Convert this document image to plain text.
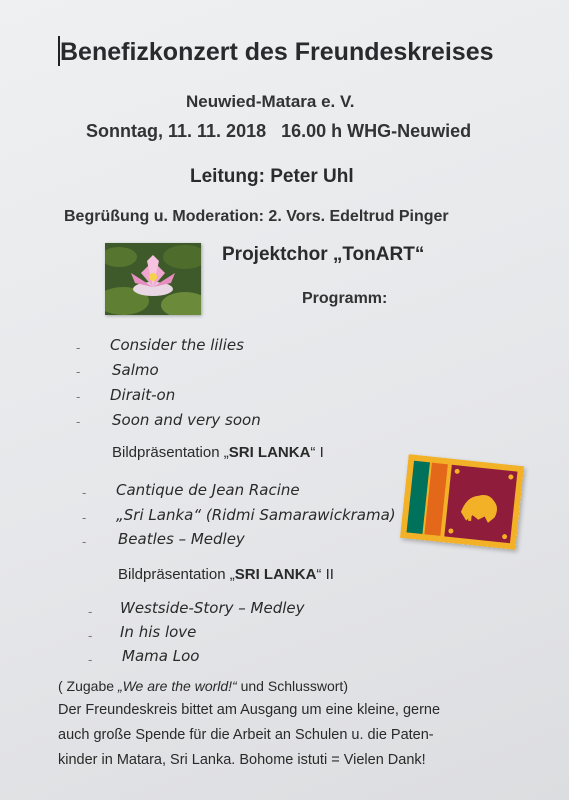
Benefizkonzert des Freundeskreises
Neuwied-Matara e. V.
Sonntag, 11. 11. 2018   16.00 h WHG-Neuwied
Leitung: Peter Uhl
Begrüßung u. Moderation: 2. Vors. Edeltrud Pinger
Projektchor „TonART“
Programm:
- Consider the lilies
- Salmo
- Dirait-on
- Soon and very soon
Bildpräsentation „SRI LANKA“ I
- Cantique de Jean Racine
- „Sri Lanka“ (Ridmi Samarawickrama)
- Beatles – Medley
Bildpräsentation „SRI LANKA“ II
- Westside-Story – Medley
- In his love
- Mama Loo
( Zugabe „We are the world!“ und Schlusswort)
Der Freundeskreis bittet am Ausgang um eine kleine, gerne
auch große Spende für die Arbeit an Schulen u. die Paten-
kinder in Matara, Sri Lanka. Bohome istuti = Vielen Dank!
